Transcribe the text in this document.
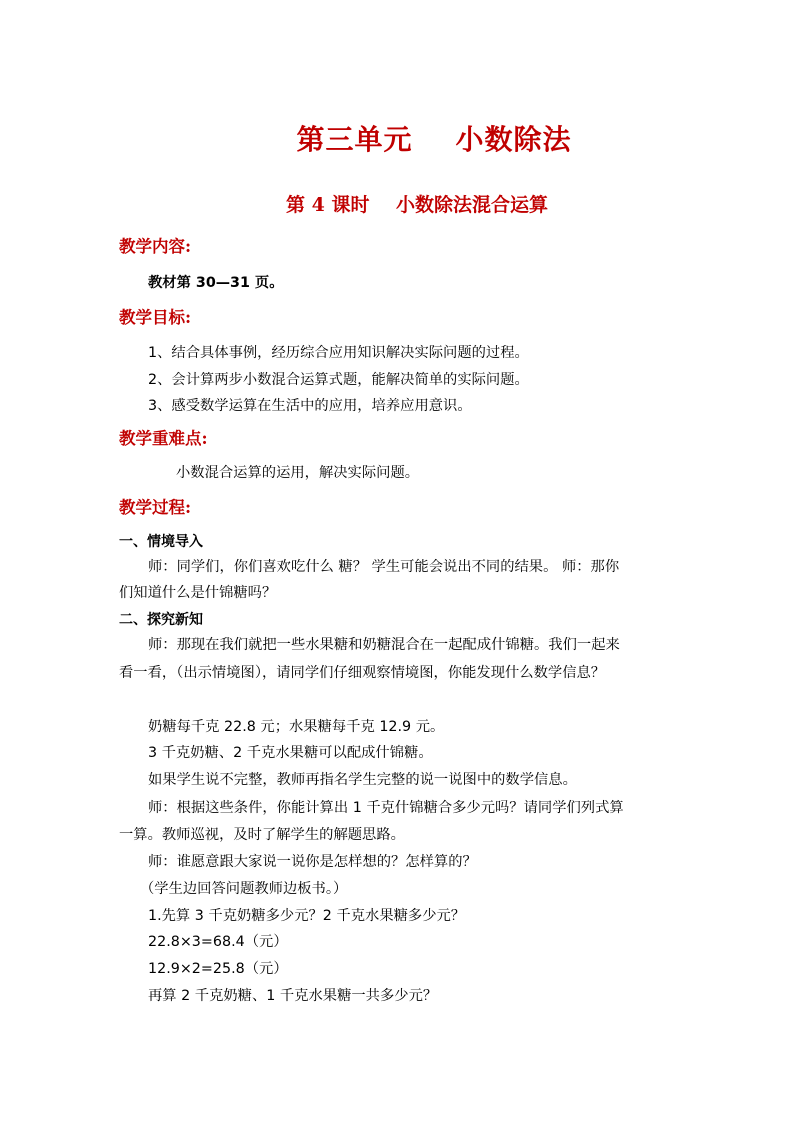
第三单元    小数除法
第 4 课时    小数除法混合运算
教学内容:
教材第 30—31 页。
教学目标:
1、结合具体事例，经历综合应用知识解决实际问题的过程。
2、会计算两步小数混合运算式题，能解决简单的实际问题。
3、感受数学运算在生活中的应用，培养应用意识。
教学重难点:
小数混合运算的运用，解决实际问题。
教学过程:
一、情境导入
师：同学们，你们喜欢吃什么 糖？ 学生可能会说出不同的结果。 师：那你
们知道什么是什锦糖吗？
二、探究新知
师：那现在我们就把一些水果糖和奶糖混合在一起配成什锦糖。我们一起来
看一看，（出示情境图），请同学们仔细观察情境图，你能发现什么数学信息？
奶糖每千克 22.8 元；水果糖每千克 12.9 元。
3 千克奶糖、2 千克水果糖可以配成什锦糖。
如果学生说不完整，教师再指名学生完整的说一说图中的数学信息。
师：根据这些条件，你能计算出 1 千克什锦糖合多少元吗？请同学们列式算
一算。教师巡视，及时了解学生的解题思路。
师：谁愿意跟大家说一说你是怎样想的？怎样算的？
（学生边回答问题教师边板书。）
1.先算 3 千克奶糖多少元？2 千克水果糖多少元？
22.8×3=68.4（元）
12.9×2=25.8（元）
再算 2 千克奶糖、1 千克水果糖一共多少元？
